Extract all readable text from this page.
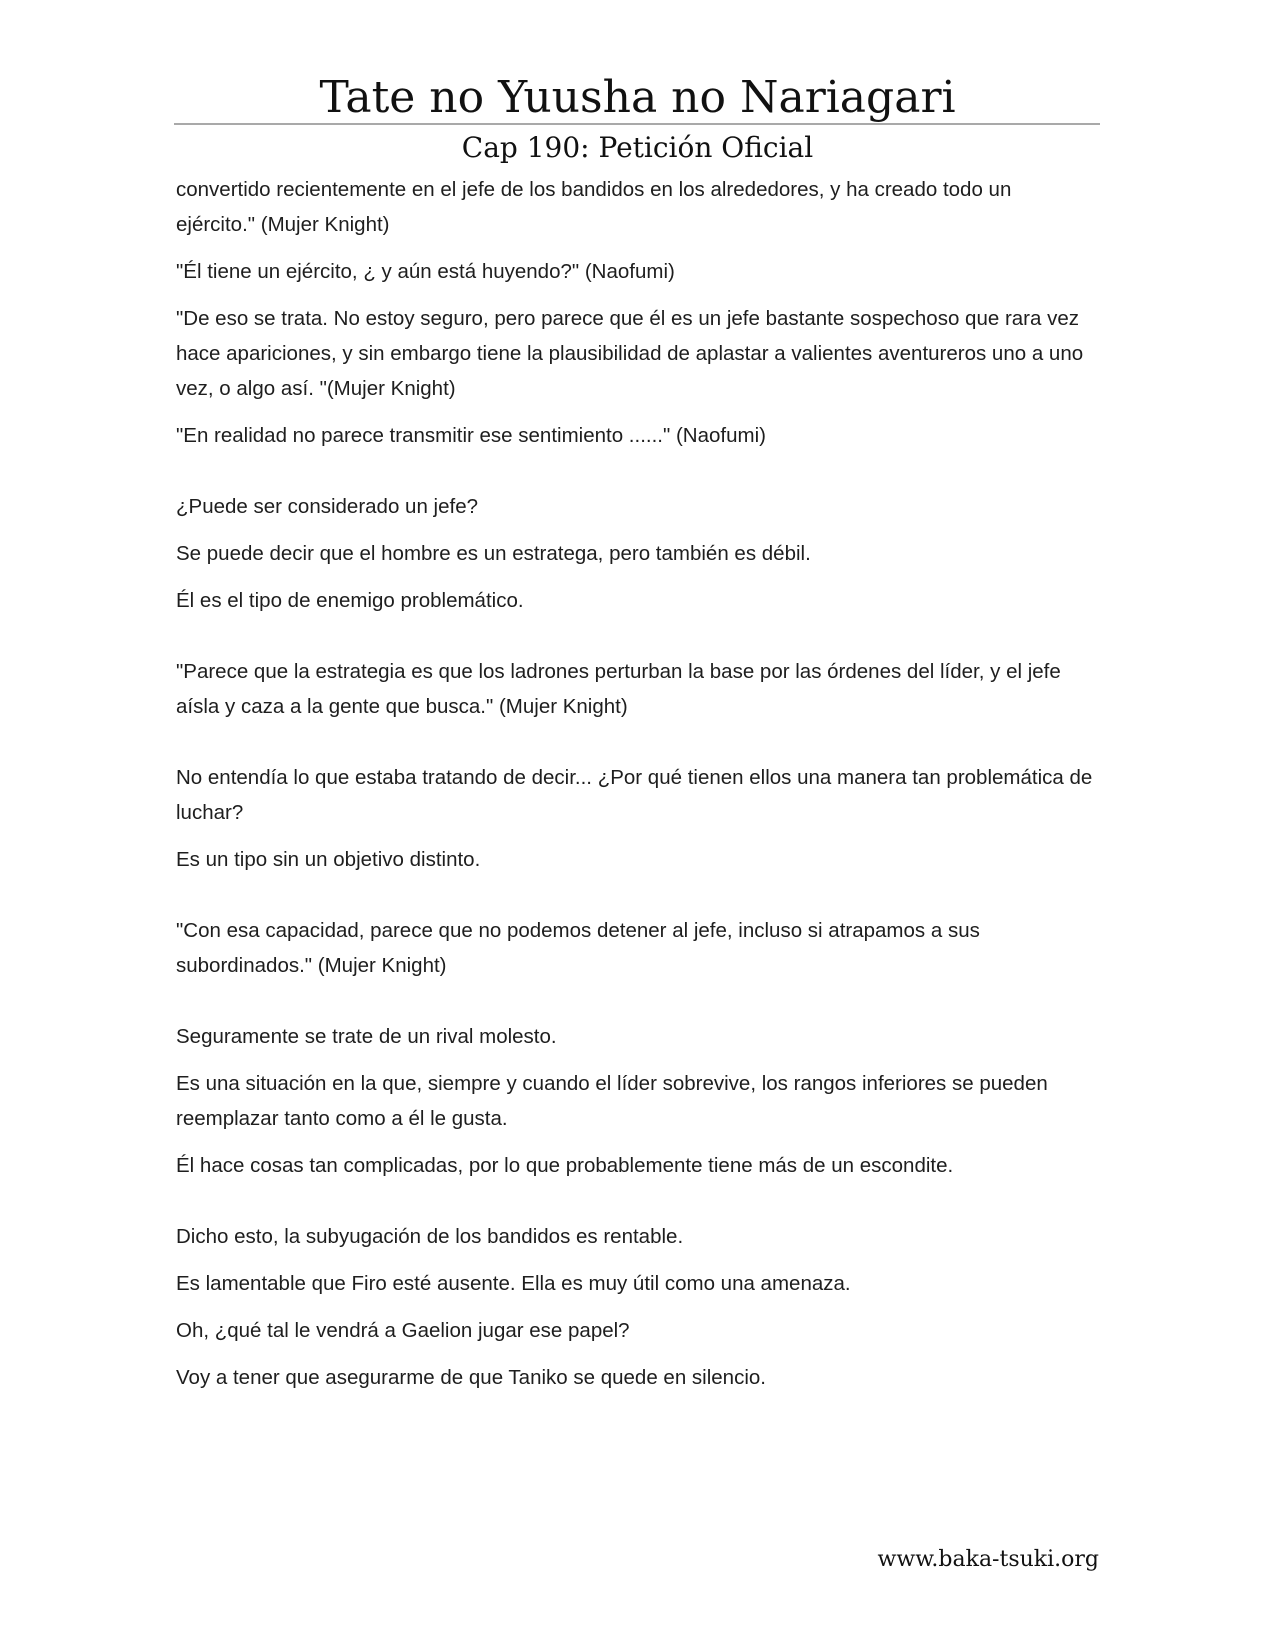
Tate no Yuusha no Nariagari
Cap 190: Petición Oficial

convertido recientemente en el jefe de los bandidos en los alrededores, y ha creado todo un ejército." (Mujer Knight)

"Él tiene un ejército, ¿ y aún está huyendo?" (Naofumi)

"De eso se trata. No estoy seguro, pero parece que él es un jefe bastante sospechoso que rara vez hace apariciones, y sin embargo tiene la plausibilidad de aplastar a valientes aventureros uno a uno vez, o algo así. "(Mujer Knight)

"En realidad no parece transmitir ese sentimiento ......" (Naofumi)

¿Puede ser considerado un jefe?

Se puede decir que el hombre es un estratega, pero también es débil.

Él es el tipo de enemigo problemático.

"Parece que la estrategia es que los ladrones perturban la base por las órdenes del líder, y el jefe aísla y caza a la gente que busca." (Mujer Knight)

No entendía lo que estaba tratando de decir... ¿Por qué tienen ellos una manera tan problemática de luchar?

Es un tipo sin un objetivo distinto.

"Con esa capacidad, parece que no podemos detener al jefe, incluso si atrapamos a sus subordinados." (Mujer Knight)

Seguramente se trate de un rival molesto.

Es una situación en la que, siempre y cuando el líder sobrevive, los rangos inferiores se pueden reemplazar tanto como a él le gusta.

Él hace cosas tan complicadas, por lo que probablemente tiene más de un escondite.

Dicho esto, la subyugación de los bandidos es rentable.

Es lamentable que Firo esté ausente. Ella es muy útil como una amenaza.

Oh, ¿qué tal le vendrá a Gaelion jugar ese papel?

Voy a tener que asegurarme de que Taniko se quede en silencio.

www.baka-tsuki.org
